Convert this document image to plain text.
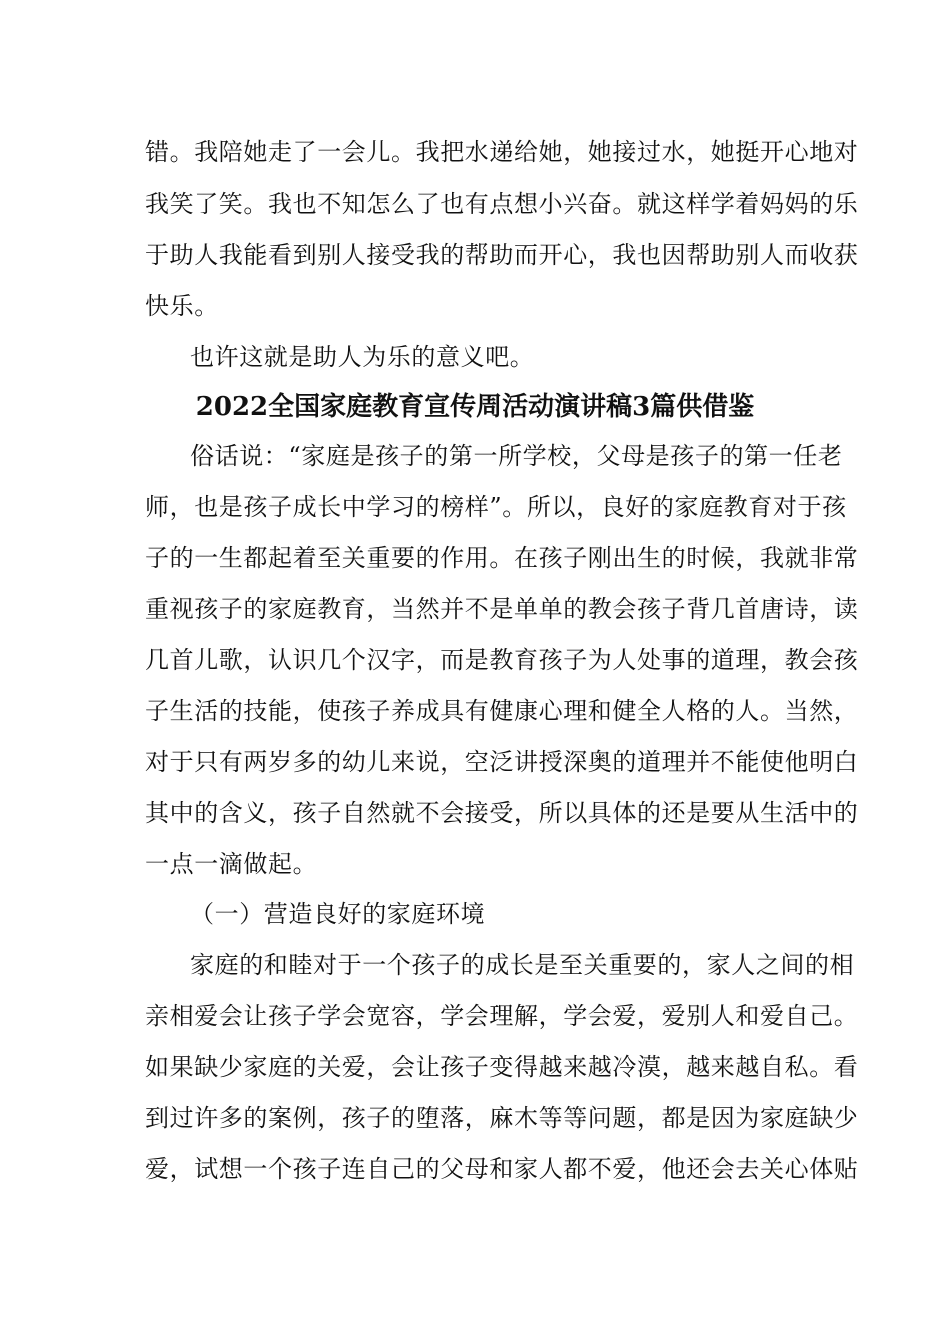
错。我陪她走了一会儿。我把水递给她，她接过水，她挺开心地对
我笑了笑。我也不知怎么了也有点想小兴奋。就这样学着妈妈的乐
于助人我能看到别人接受我的帮助而开心，我也因帮助别人而收获
快乐。
也许这就是助人为乐的意义吧。
2022全国家庭教育宣传周活动演讲稿3篇供借鉴
俗话说：“家庭是孩子的第一所学校，父母是孩子的第一任老
师，也是孩子成长中学习的榜样”。所以，良好的家庭教育对于孩
子的一生都起着至关重要的作用。在孩子刚出生的时候，我就非常
重视孩子的家庭教育，当然并不是单单的教会孩子背几首唐诗，读
几首儿歌，认识几个汉字，而是教育孩子为人处事的道理，教会孩
子生活的技能，使孩子养成具有健康心理和健全人格的人。当然，
对于只有两岁多的幼儿来说，空泛讲授深奥的道理并不能使他明白
其中的含义，孩子自然就不会接受，所以具体的还是要从生活中的
一点一滴做起。
（一）营造良好的家庭环境
家庭的和睦对于一个孩子的成长是至关重要的，家人之间的相
亲相爱会让孩子学会宽容，学会理解，学会爱，爱别人和爱自己。
如果缺少家庭的关爱，会让孩子变得越来越冷漠，越来越自私。看
到过许多的案例，孩子的堕落，麻木等等问题，都是因为家庭缺少
爱，试想一个孩子连自己的父母和家人都不爱，他还会去关心体贴
